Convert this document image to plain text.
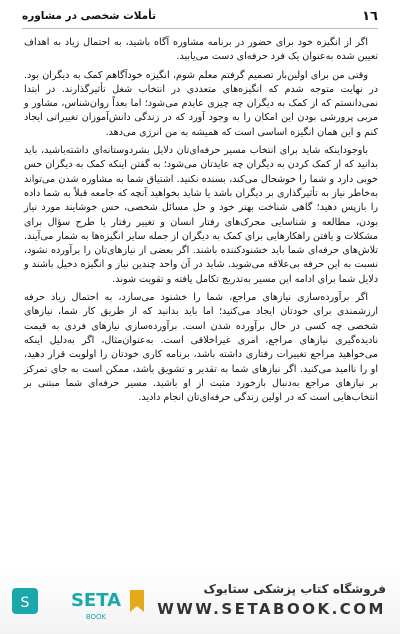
١٦
تأملات شخصی در مشاوره

اگر از انگیزه خود برای حضور در برنامه مشاوره آگاه باشید، به احتمال زیاد به اهداف تعیین شده به‌عنوان یک فرد حرفه‌ای دست می‌یابید.

وقتی من برای اولین‌بار تصمیم گرفتم معلم شوم، انگیزه خودآگاهم کمک به دیگران بود. در نهایت متوجه شدم که انگیزه‌های متعددی در انتخاب شغل تأثیرگذارند. در ابتدا نمی‌دانستم که از کمک به دیگران چه چیزی عایدم می‌شود؛ اما بعداً روان‌شناس، مشاور و مربی پرورشی بودن این امکان را به وجود آورد که در زندگی دانش‌آموزان تغییراتی ایجاد کنم و این همان انگیزه اساسی است که همیشه به من انرژی می‌دهد.

باوجوداینکه شاید برای انتخاب مسیر حرفه‌ای‌تان دلایل بشردوستانه‌ای داشته‌باشید، باید بدانید که از کمک کردن به دیگران چه عایدتان می‌شود؛ به گفتن اینکه کمک به دیگران حس خوبی دارد و شما را خوشحال می‌کند، بسنده نکنید. اشتیاق شما به مشاوره شدن می‌تواند به‌خاطر نیاز به تأثیرگذاری بر دیگران باشد یا شاید بخواهید آنچه که جامعه قبلاً به شما داده را بازپس دهید؛ گاهی شناخت بهتر خود و حل مسائل شخصی، حس خوشایند مورد نیاز بودن، مطالعه و شناسایی محرک‌های رفتار انسان و تغییر رفتار یا طرح سؤال برای مشکلات و یافتن راهکارهایی برای کمک به دیگران از جمله سایر انگیزه‌ها به شمار می‌آیند. تلاش‌های حرفه‌ای شما باید خشنودکننده باشند. اگر بعضی از نیازهای‌تان را برآورده نشود، نسبت به این حرفه بی‌علاقه می‌شوید. شاید در آن واحد چندین نیاز و انگیزه دخیل باشند و دلایل شما برای ادامه این مسیر به‌تدریج تکامل یافته و تقویت شوند.

اگر برآورده‌سازی نیازهای مراجع، شما را خشنود می‌سازد، به احتمال زیاد حرفه ارزشمندی برای خودتان ایجاد می‌کنید؛ اما باید بدانید که از طریق کار شما، نیازهای شخصی چه کسی در حال برآورده شدن است. برآورده‌سازی نیازهای فردی به قیمت نادیده‌گیری نیازهای مراجع، امری غیراخلاقی است. به‌عنوان‌مثال، اگر به‌دلیل اینکه می‌خواهید مراجع تغییرات رفتاری داشته باشد، برنامه کاری خودتان را اولویت قرار دهید، او را ناامید می‌کنید. اگر نیازهای شما به تقدیر و تشویق باشد، ممکن است به جای تمرکز بر نیازهای مراجع به‌دنبال بازخورد مثبت از او باشید. مسیر حرفه‌ای شما مبتنی بر انتخاب‌هایی است که در اولین زندگی حرفه‌ای‌تان انجام دادید.

S SETA
BOOK
فروشگاه کتاب پزشکی ستابوک
WWW.SETABOOK.COM
